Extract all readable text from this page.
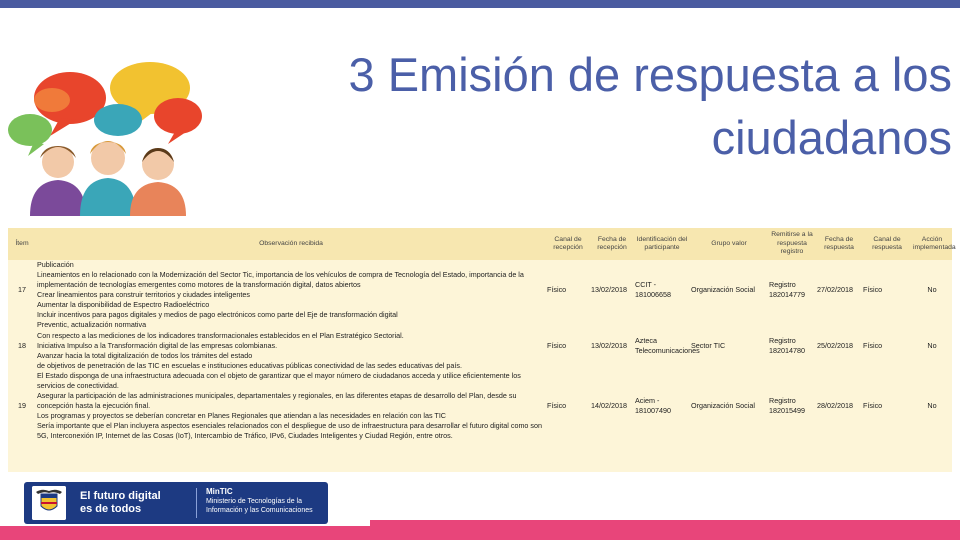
3 Emisión de respuesta a los
ciudadanos
Ítem	Observación recibida	Canal de recepción	Fecha de recepción	Identificación del participante	Grupo valor	Remitirse a la respuesta registro	Fecha de respuesta	Canal de respuesta	Acción implementada
17	Publicación
Lineamientos en lo relacionado con la Modernización del Sector Tic, importancia de los vehículos de compra de Tecnología del Estado, importancia de la implementación de tecnologías emergentes como motores de la transformación digital, datos abiertos
Crear lineamientos para construir territorios y ciudades inteligentes
Aumentar la disponibilidad de Espectro Radioeléctrico
Incluir incentivos para pagos digitales y medios de pago electrónicos como parte del Eje de transformación digital	Físico	13/02/2018	CCIT - 181006658	Organización Social	Registro 182014779	27/02/2018	Físico	No
18	Preventic, actualización normativa
Con respecto a las mediciones de los indicadores transformacionales establecidos en el Plan Estratégico Sectorial.
Iniciativa Impulso a la Transformación digital de las empresas colombianas.
Avanzar hacia la total digitalización de todos los trámites del estado
de objetivos de penetración de las TIC en escuelas e instituciones educativas públicas conectividad de las sedes educativas del país.	Físico	13/02/2018	Azteca Telecomunicaciones	Sector TIC	Registro 182014780	25/02/2018	Físico	No
19	El Estado disponga de una infraestructura adecuada con el objeto de garantizar que el mayor número de ciudadanos acceda y utilice eficientemente los servicios de conectividad.
Asegurar la participación de las administraciones municipales, departamentales y regionales, en las diferentes etapas de desarrollo del Plan, desde su concepción hasta la ejecución final.
Los programas y proyectos se deberían concretar en Planes Regionales que atiendan a las necesidades en relación con las TIC
Sería importante que el Plan incluyera aspectos esenciales relacionados con el despliegue de uso de infraestructura para desarrollar el futuro digital como son 5G, Interconexión IP, Internet de las Cosas (IoT), Intercambio de Tráfico, IPv6, Ciudades Inteligentes y Ciudad Región, entre otros.	Físico	14/02/2018	Aciem - 181007490	Organización Social	Registro 182015499	28/02/2018	Físico	No
El futuro digital
es de todos
MinTIC
Ministerio de Tecnologías de la
Información y las Comunicaciones
